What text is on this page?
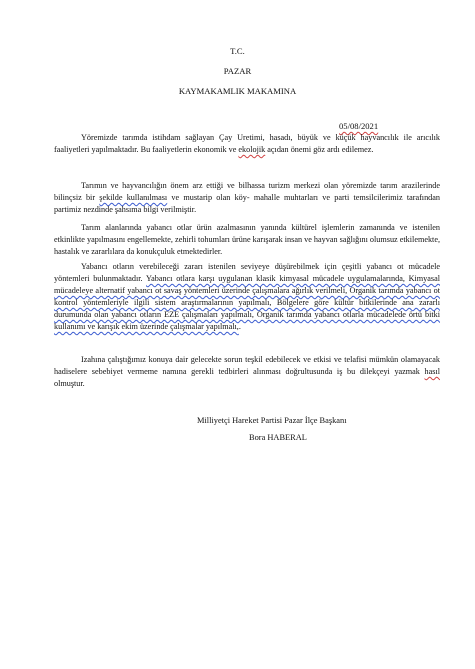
T.C.
PAZAR
KAYMAKAMLIK MAKAMINA
05/08/2021

Yöremizde tarımda istihdam sağlayan Çay Uretimi, hasadı, büyük ve küçük hayvancılık ile arıcılık faaliyetleri yapılmaktadır. Bu faaliyetlerin ekonomik ve ekolojik açıdan önemi göz ardı edilemez.

Tarımın ve hayvancılığın önem arz ettiği ve bilhassa turizm merkezi olan yöremizde tarım arazilerinde bilinçsiz bir şekilde kullanılması ve mustarip olan köy- mahalle muhtarları ve parti temsilcilerimiz tarafından partimiz nezdinde şahsıma bilgi verilmiştir.

Tarım alanlarında yabancı otlar ürün azalmasının yanında kültürel işlemlerin zamanında ve istenilen etkinlikte yapılmasını engellemekte, zehirli tohumları ürüne karışarak insan ve hayvan sağlığını olumsuz etkilemekte, hastalık ve zararlılara da konukçuluk etmektedirler.

Yabancı otların verebileceği zararı istenilen seviyeye düşürebilmek için çeşitli yabancı ot mücadele yöntemleri bulunmaktadır. Yabancı otlara karşı uygulanan klasik kimyasal mücadele uygulamalarında, Kimyasal mücadeleye alternatif yabancı ot savaş yöntemleri üzerinde çalışmalara ağırlık verilmeli, Organik tarımda yabancı ot kontrol yöntemleriyle ilgili sistem araştırmalarının yapılmalı, Bölgelere göre kültür bitkilerinde ana zararlı durumunda olan yabancı otların EZE çalışmaları yapılmalı, Organik tarımda yabancı otlarla mücadelede örtü bitki kullanımı ve karışık ekim üzerinde çalışmalar yapılmalı,.

Izahına çalıştığımız konuya dair gelecekte sorun teşkil edebilecek ve etkisi ve telafisi mümkün olamayacak hadiselere sebebiyet vermeme namına gerekli tedbirleri alınması doğrultusunda iş bu dilekçeyi yazmak hasıl olmuştur.

Milliyetçi Hareket Partisi Pazar İlçe Başkanı
Bora HABERAL
